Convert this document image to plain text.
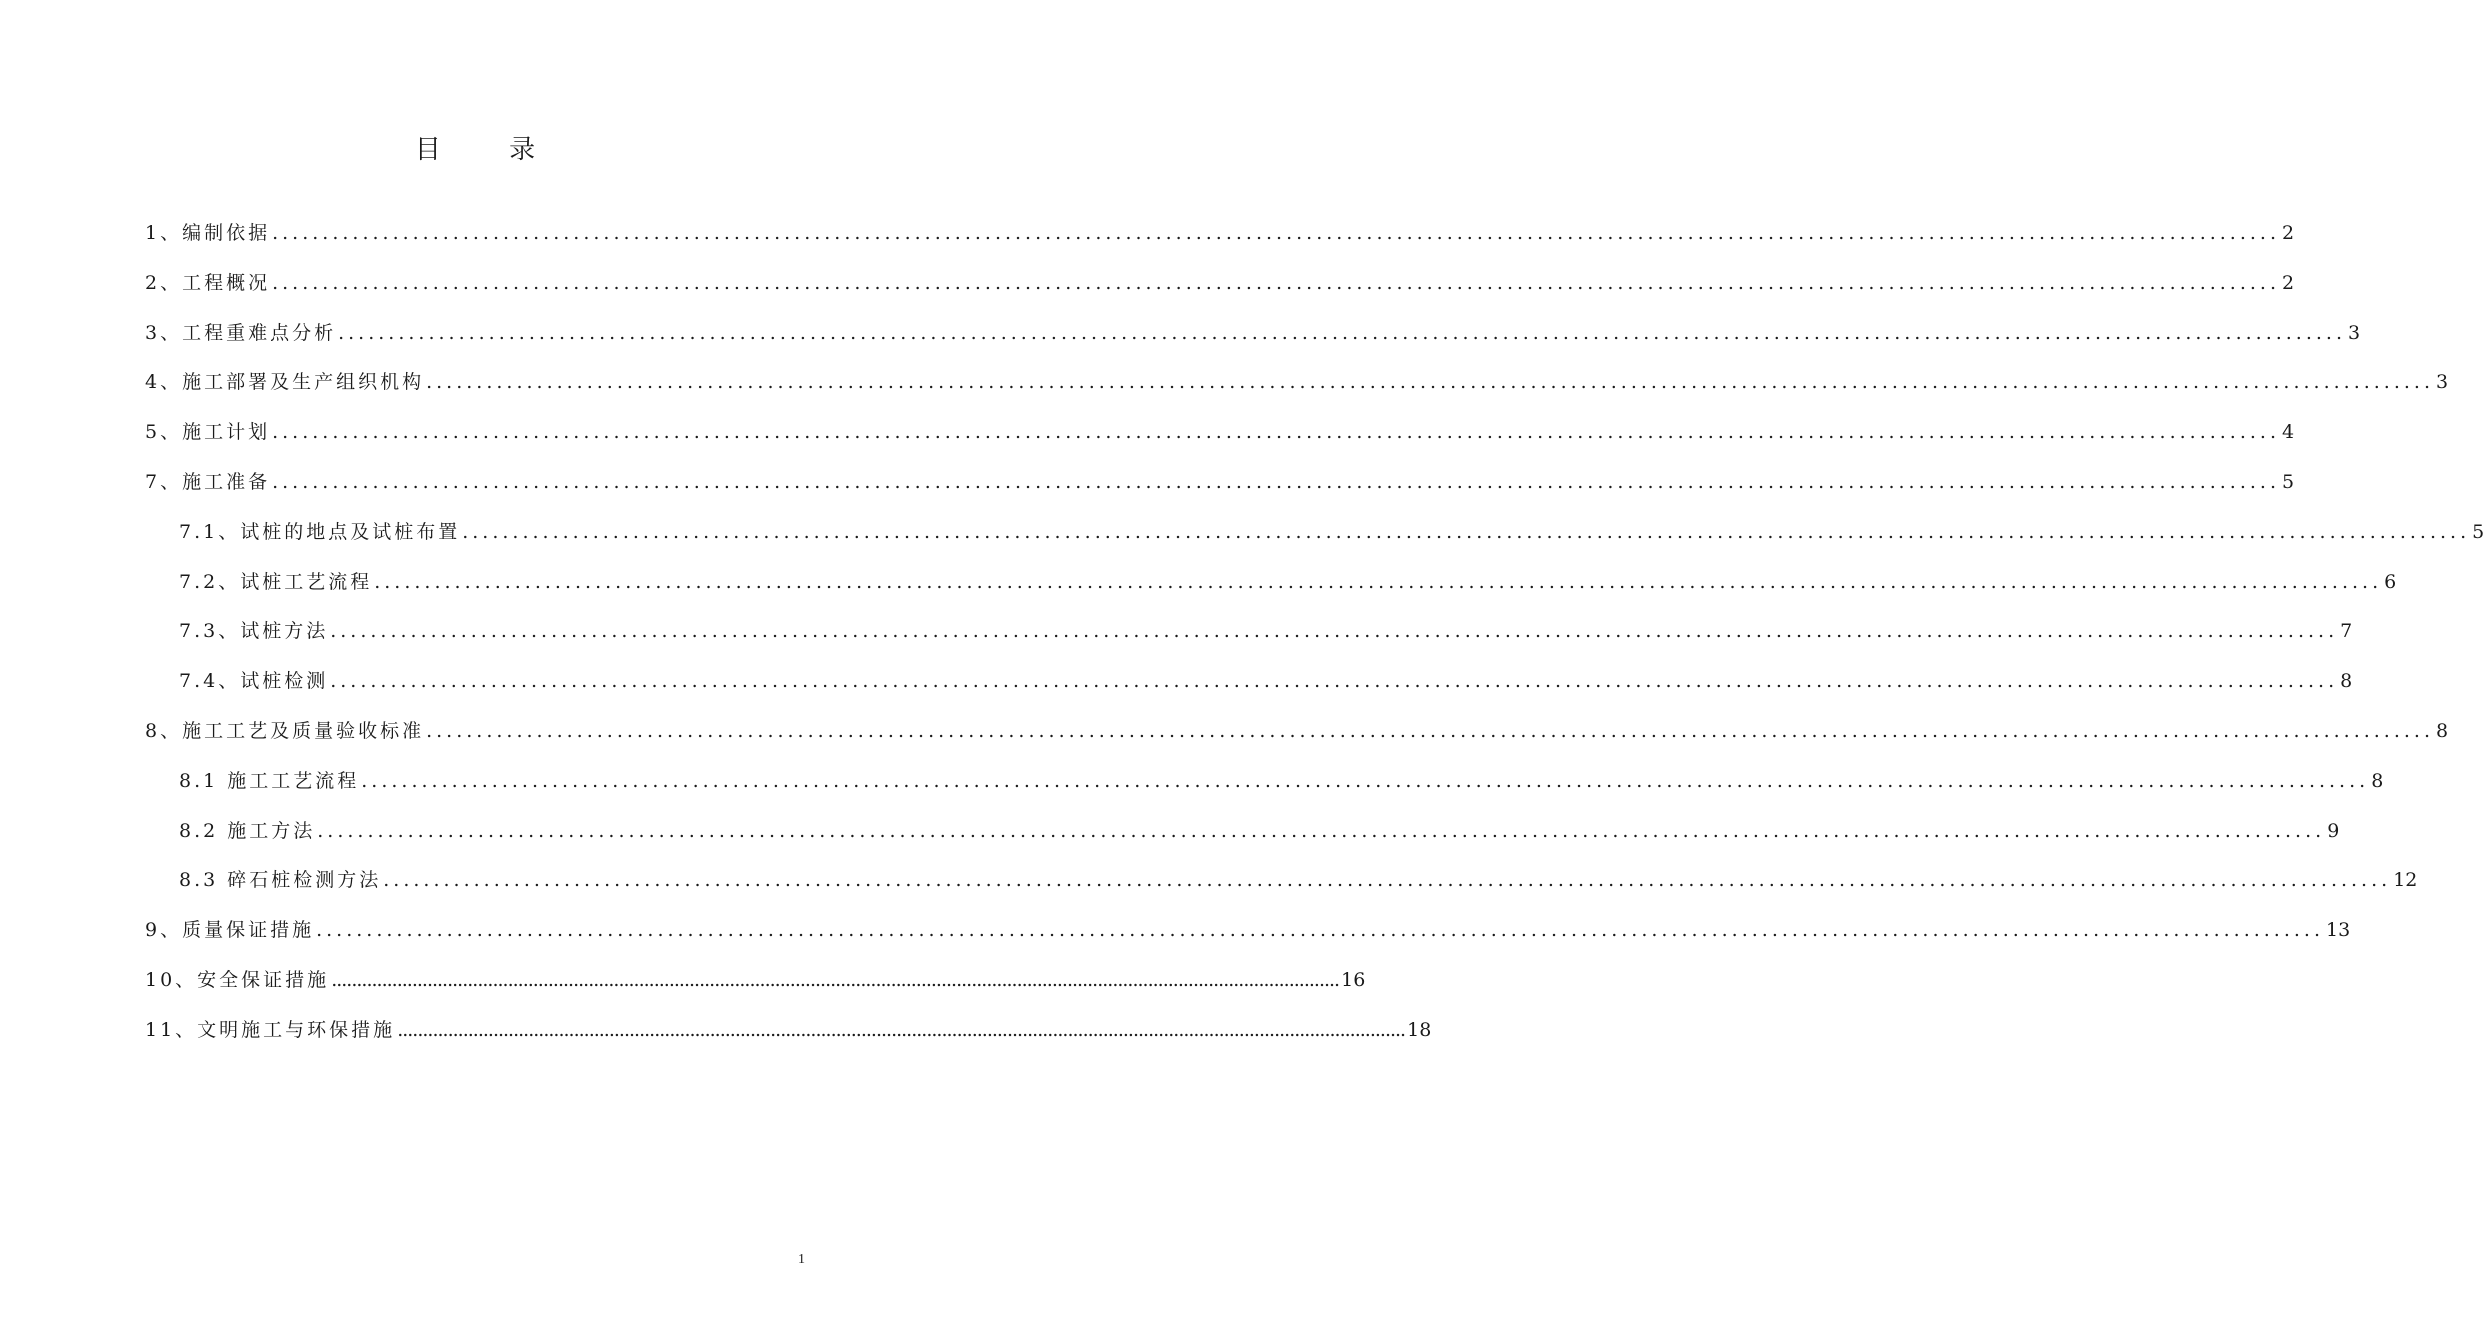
目 录
1、编制依据 ........................................................................................................................................................................................................ 2
2、工程概况 ........................................................................................................................................................................................................ 2
3、工程重难点分析 ........................................................................................................................................................................................................ 3
4、施工部署及生产组织机构 ........................................................................................................................................................................................................ 3
5、施工计划 ........................................................................................................................................................................................................ 4
7、施工准备 ........................................................................................................................................................................................................ 5
7.1、试桩的地点及试桩布置 ........................................................................................................................................................................................................ 5
7.2、试桩工艺流程 ........................................................................................................................................................................................................ 6
7.3、试桩方法 ........................................................................................................................................................................................................ 7
7.4、试桩检测 ........................................................................................................................................................................................................ 8
8、施工工艺及质量验收标准 ........................................................................................................................................................................................................ 8
8.1 施工工艺流程 ........................................................................................................................................................................................................ 8
8.2 施工方法 ........................................................................................................................................................................................................ 9
8.3 碎石桩检测方法 ........................................................................................................................................................................................................ 12
9、质量保证措施 ........................................................................................................................................................................................................ 13
10、安全保证措施 ........................................................................................................................................................................................................ 16
11、文明施工与环保措施 ........................................................................................................................................................................................................ 18
1
